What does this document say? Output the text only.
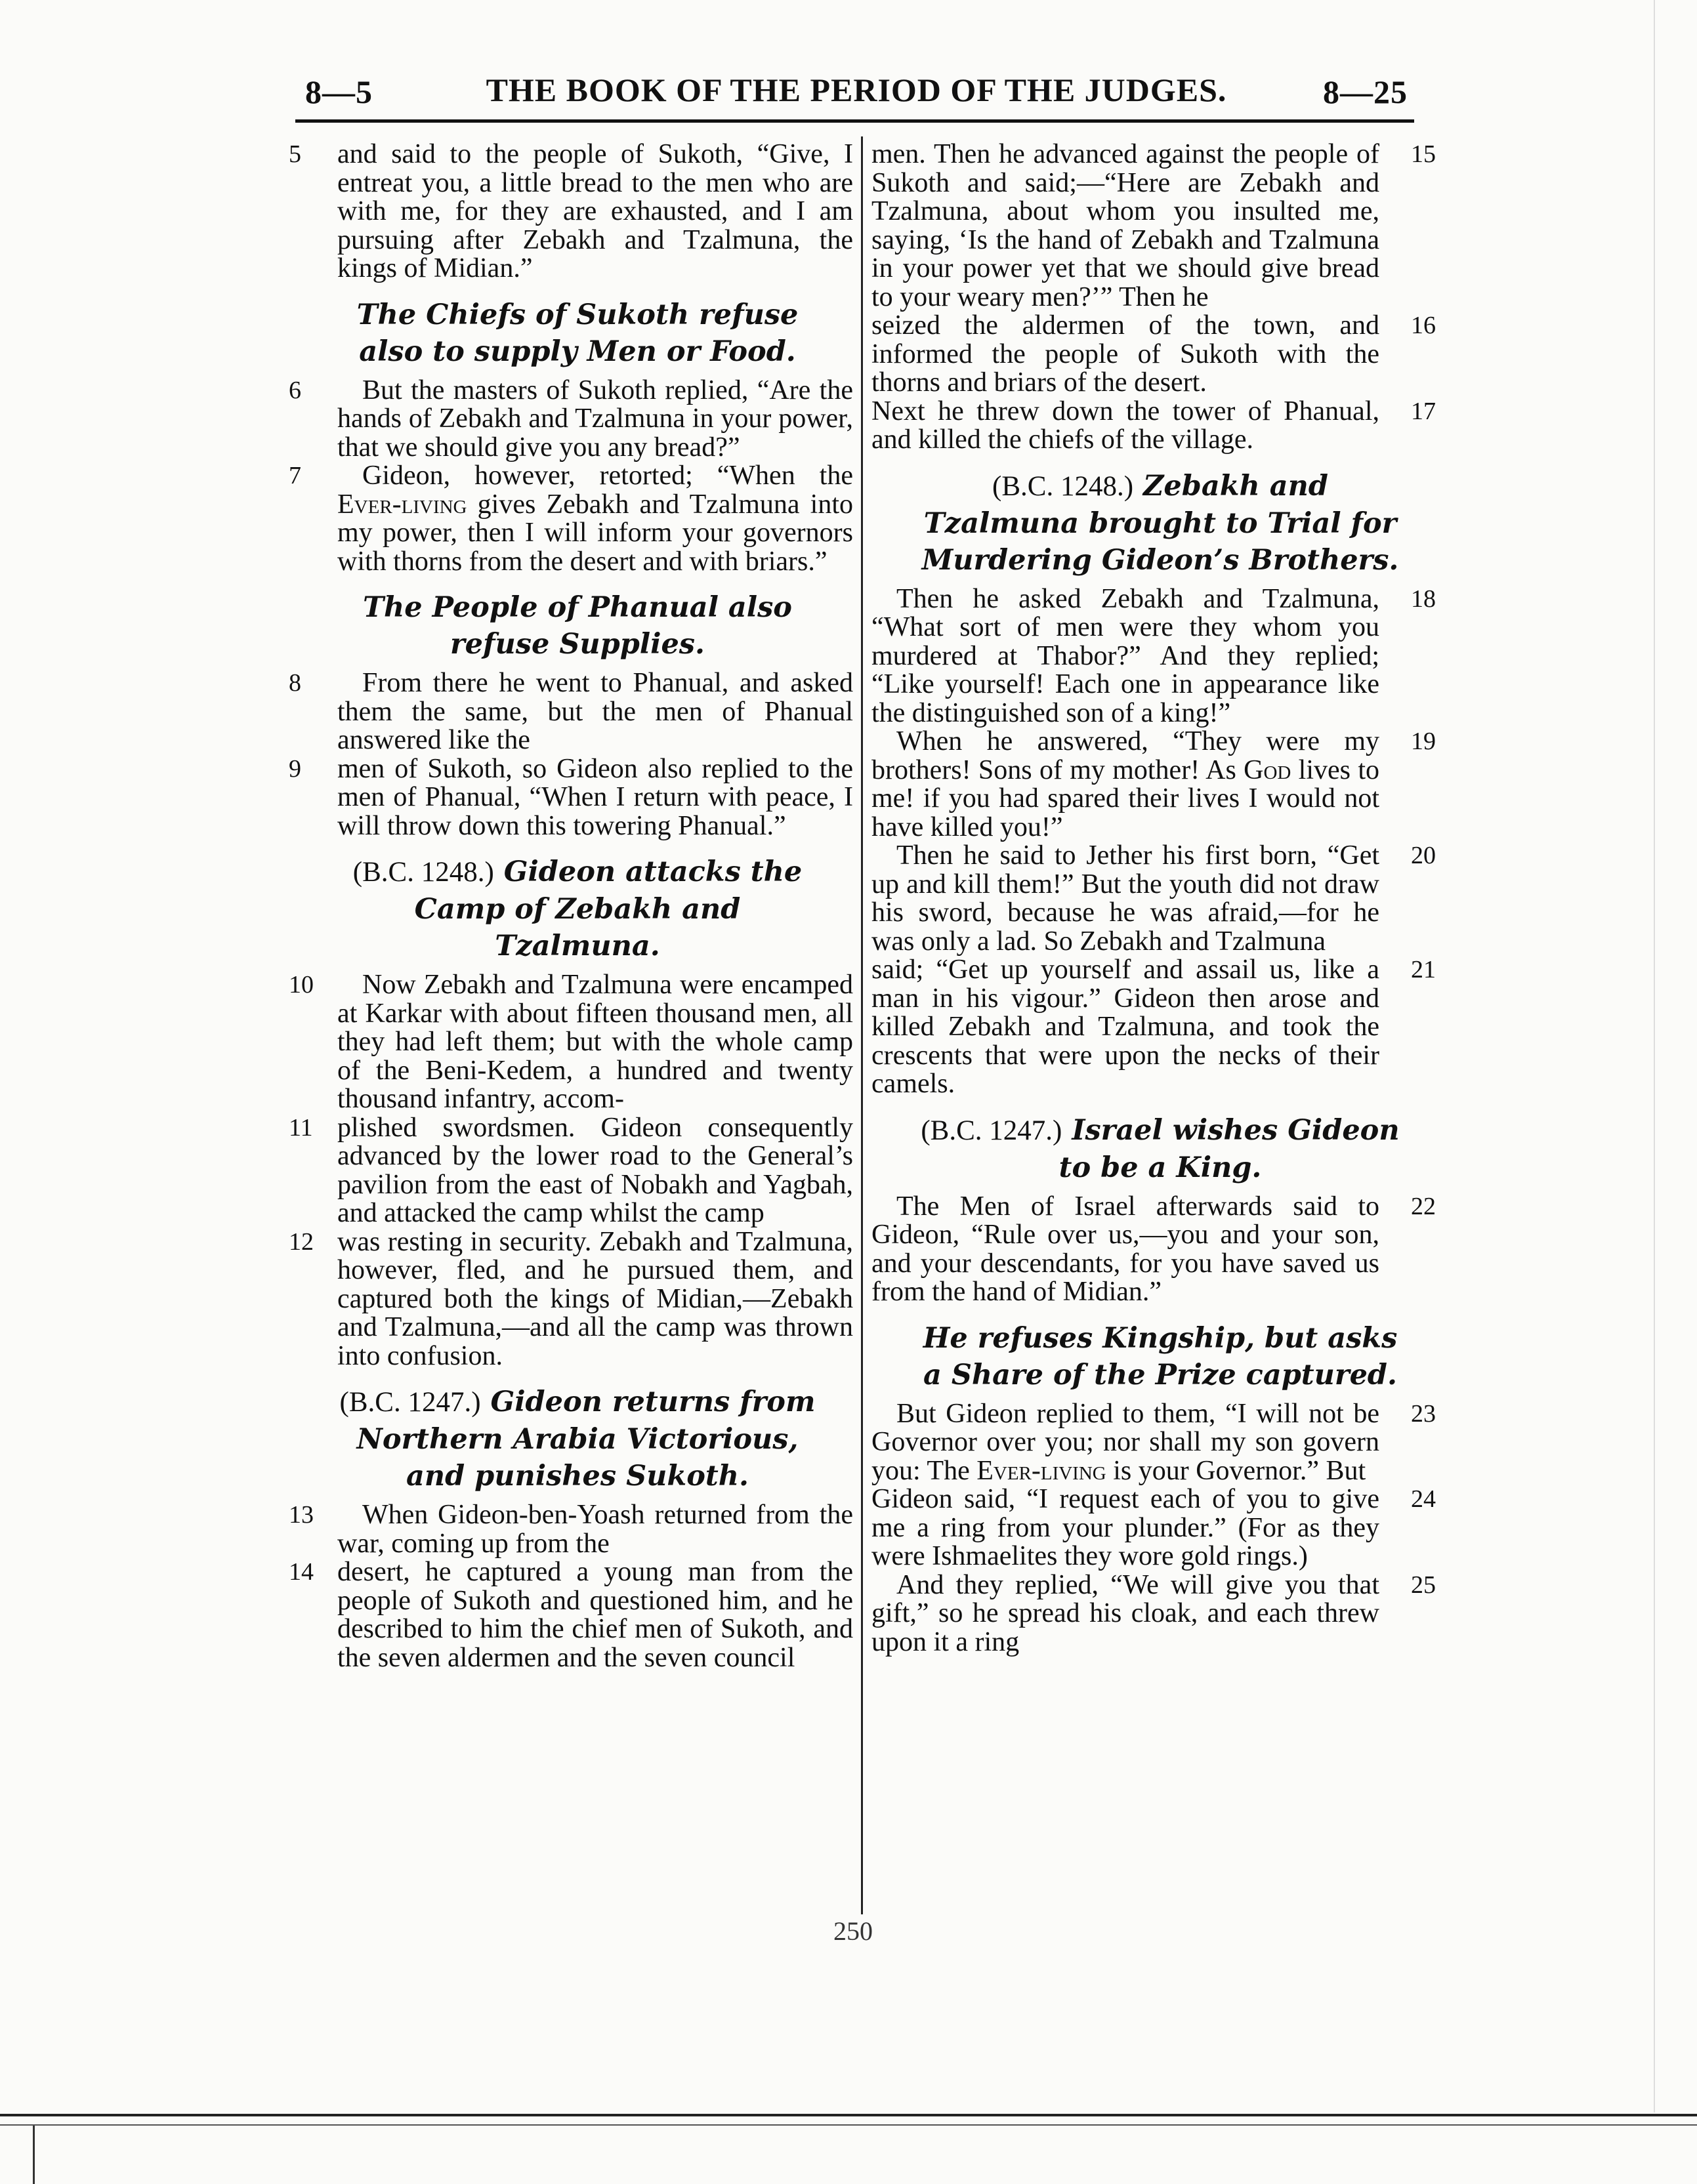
8—5	THE BOOK OF THE PERIOD OF THE JUDGES.	8—25
5 and said to the people of Sukoth, “Give, I entreat you, a little bread to the men who are with me, for they are exhausted, and I am pursuing after Zebakh and Tzalmuna, the kings of Midian.”
The Chiefs of Sukoth refuse also to supply Men or Food.
6	But the masters of Sukoth replied, “Are the hands of Zebakh and Tzalmuna in your power, that we should give you any bread?”
7	Gideon, however, retorted; “When the Ever-living gives Zebakh and Tzalmuna into my power, then I will inform your governors with thorns from the desert and with briars.”
The People of Phanual also refuse Supplies.
8	From there he went to Phanual, and asked them the same, but the men of Phanual answered like the
9 men of Sukoth, so Gideon also replied to the men of Phanual, “When I return with peace, I will throw down this towering Phanual.”
(B.C. 1248.) Gideon attacks the Camp of Zebakh and Tzalmuna.
10	Now Zebakh and Tzalmuna were encamped at Karkar with about fifteen thousand men, all they had left them; but with the whole camp of the Beni-Kedem, a hundred and twenty thousand infantry, accom-
11 plished swordsmen. Gideon consequently advanced by the lower road to the General’s pavilion from the east of Nobakh and Yagbah, and attacked the camp whilst the camp
12 was resting in security. Zebakh and Tzalmuna, however, fled, and he pursued them, and captured both the kings of Midian,—Zebakh and Tzalmuna,—and all the camp was thrown into confusion.
(B.C. 1247.) Gideon returns from Northern Arabia Victorious, and punishes Sukoth.
13	When Gideon-ben-Yoash returned from the war, coming up from the
14 desert, he captured a young man from the people of Sukoth and questioned him, and he described to him the chief men of Sukoth, and the seven aldermen and the seven council
15
men. Then he advanced against the people of Sukoth and said;—“Here are Zebakh and Tzalmuna, about whom you insulted me, saying, ‘Is the hand of Zebakh and Tzalmuna in your power yet that we should give bread to your weary men?’” Then he
16
seized the aldermen of the town, and informed the people of Sukoth with the thorns and briars of the desert.
17
Next he threw down the tower of Phanual, and killed the chiefs of the village.
(B.C. 1248.) Zebakh and Tzalmuna brought to Trial for Murdering Gideon’s Brothers.
18
Then he asked Zebakh and Tzalmuna, “What sort of men were they whom you murdered at Thabor?” And they replied; “Like yourself! Each one in appearance like the distinguished son of a king!”
19
When he answered, “They were my brothers! Sons of my mother! As God lives to me! if you had spared their lives I would not have killed you!”
20
Then he said to Jether his first born, “Get up and kill them!” But the youth did not draw his sword, because he was afraid,—for he was only a lad. So Zebakh and Tzalmuna
21
said; “Get up yourself and assail us, like a man in his vigour.” Gideon then arose and killed Zebakh and Tzalmuna, and took the crescents that were upon the necks of their camels.
(B.C. 1247.) Israel wishes Gideon to be a King.
22
The Men of Israel afterwards said to Gideon, “Rule over us,—you and your son, and your descendants, for you have saved us from the hand of Midian.”
He refuses Kingship, but asks a Share of the Prize captured.
23
But Gideon replied to them, “I will not be Governor over you; nor shall my son govern you: The Ever-living is your Governor.” But
24
Gideon said, “I request each of you to give me a ring from your plunder.” (For as they were Ishmaelites they wore gold rings.)
25
And they replied, “We will give you that gift,” so he spread his cloak, and each threw upon it a ring
250
